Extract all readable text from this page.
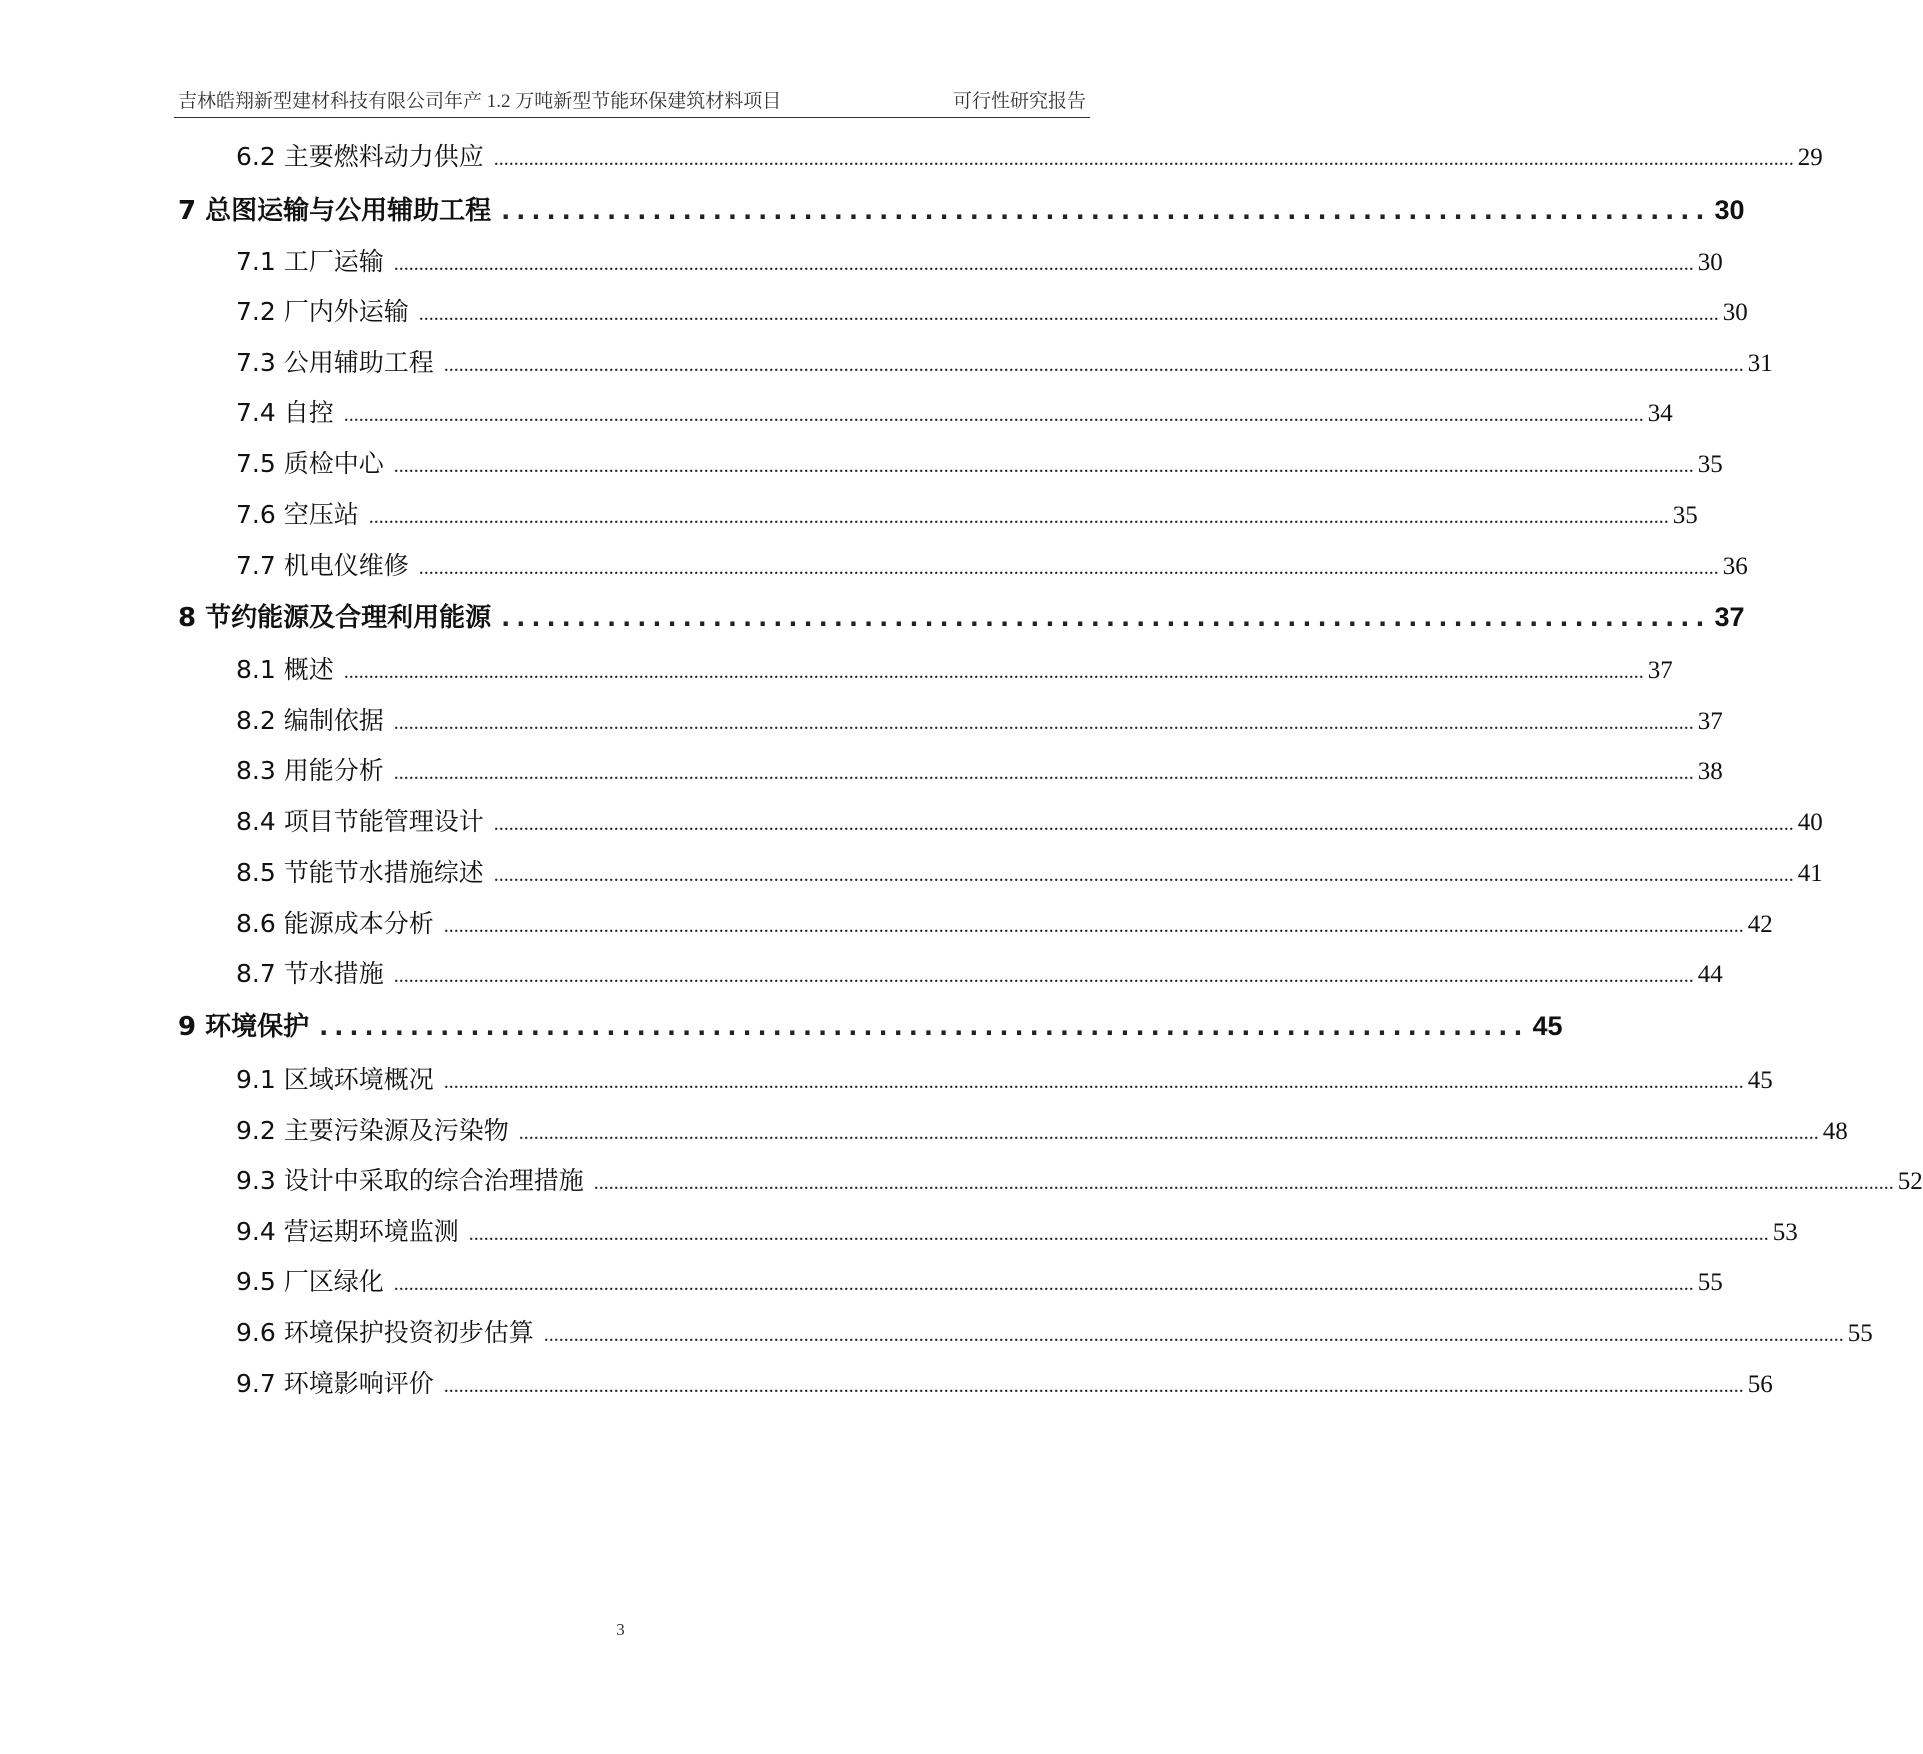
吉林皓翔新型建材科技有限公司年产 1.2 万吨新型节能环保建筑材料项目	可行性研究报告
6.2 主要燃料动力供应 .................................................................................................................................................................................................................................................................... 29
7 总图运输与公用辅助工程 ................................................................................ 30
7.1 工厂运输 .................................................................................................................................................................................................................................................................... 30
7.2 厂内外运输 .................................................................................................................................................................................................................................................................... 30
7.3 公用辅助工程 .................................................................................................................................................................................................................................................................... 31
7.4 自控 .................................................................................................................................................................................................................................................................... 34
7.5 质检中心 .................................................................................................................................................................................................................................................................... 35
7.6 空压站 .................................................................................................................................................................................................................................................................... 35
7.7 机电仪维修 .................................................................................................................................................................................................................................................................... 36
8 节约能源及合理利用能源 ................................................................................ 37
8.1 概述 .................................................................................................................................................................................................................................................................... 37
8.2 编制依据 .................................................................................................................................................................................................................................................................... 37
8.3 用能分析 .................................................................................................................................................................................................................................................................... 38
8.4 项目节能管理设计 .................................................................................................................................................................................................................................................................... 40
8.5 节能节水措施综述 .................................................................................................................................................................................................................................................................... 41
8.6 能源成本分析 .................................................................................................................................................................................................................................................................... 42
8.7 节水措施 .................................................................................................................................................................................................................................................................... 44
9 环境保护 ................................................................................ 45
9.1 区域环境概况 .................................................................................................................................................................................................................................................................... 45
9.2 主要污染源及污染物 .................................................................................................................................................................................................................................................................... 48
9.3 设计中采取的综合治理措施 .................................................................................................................................................................................................................................................................... 52
9.4 营运期环境监测 .................................................................................................................................................................................................................................................................... 53
9.5 厂区绿化 .................................................................................................................................................................................................................................................................... 55
9.6 环境保护投资初步估算 .................................................................................................................................................................................................................................................................... 55
9.7 环境影响评价 .................................................................................................................................................................................................................................................................... 56
3
